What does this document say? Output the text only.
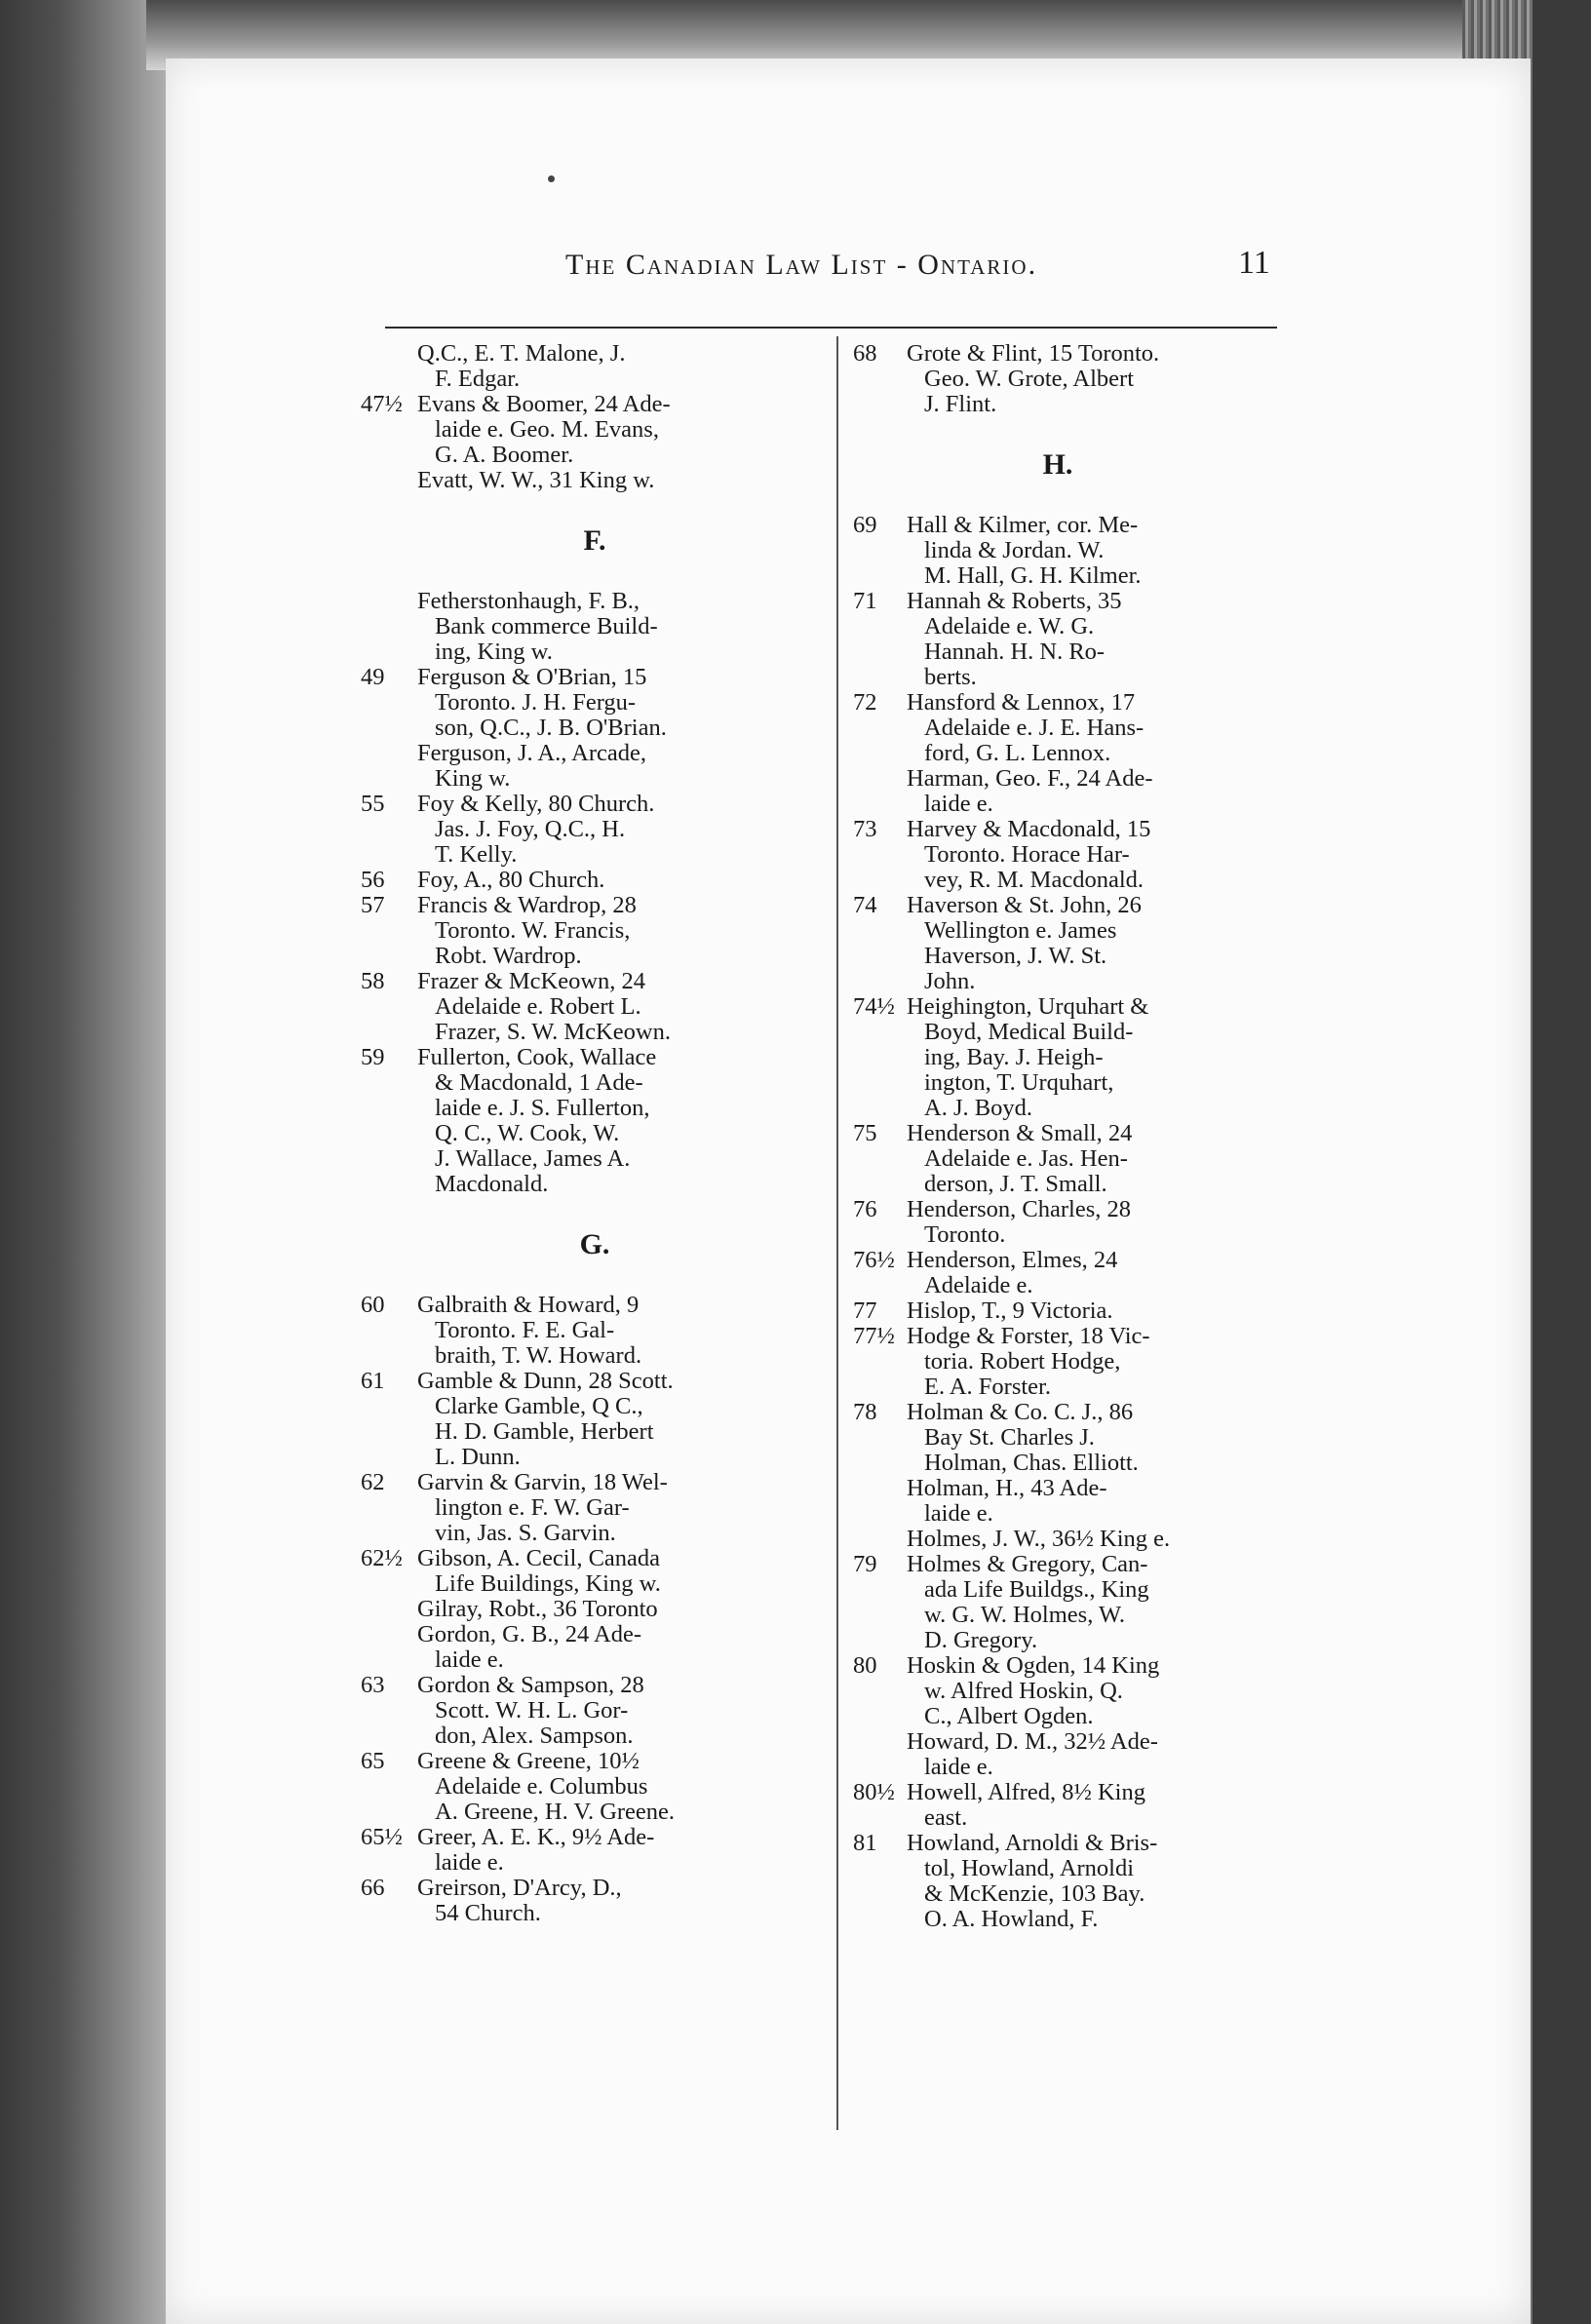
The Canadian Law List - Ontario.	11
Q.C., E. T. Malone, J.
F. Edgar.
47½ Evans & Boomer, 24 Ade-
laide e. Geo. M. Evans,
G. A. Boomer.
Evatt, W. W., 31 King w.
F.
Fetherstonhaugh, F. B.,
Bank commerce Build-
ing, King w.
49 Ferguson & O'Brian, 15
Toronto. J. H. Fergu-
son, Q.C., J. B. O'Brian.
Ferguson, J. A., Arcade,
King w.
55 Foy & Kelly, 80 Church.
Jas. J. Foy, Q.C., H.
T. Kelly.
56 Foy, A., 80 Church.
57 Francis & Wardrop, 28
Toronto. W. Francis,
Robt. Wardrop.
58 Frazer & McKeown, 24
Adelaide e. Robert L.
Frazer, S. W. McKeown.
59 Fullerton, Cook, Wallace
& Macdonald, 1 Ade-
laide e. J. S. Fullerton,
Q. C., W. Cook, W.
J. Wallace, James A.
Macdonald.
G.
60 Galbraith & Howard, 9
Toronto. F. E. Gal-
braith, T. W. Howard.
61 Gamble & Dunn, 28 Scott.
Clarke Gamble, Q C.,
H. D. Gamble, Herbert
L. Dunn.
62 Garvin & Garvin, 18 Wel-
lington e. F. W. Gar-
vin, Jas. S. Garvin.
62½ Gibson, A. Cecil, Canada
Life Buildings, King w.
Gilray, Robt., 36 Toronto
Gordon, G. B., 24 Ade-
laide e.
63 Gordon & Sampson, 28
Scott. W. H. L. Gor-
don, Alex. Sampson.
65 Greene & Greene, 10½
Adelaide e. Columbus
A. Greene, H. V. Greene.
65½ Greer, A. E. K., 9½ Ade-
laide e.
66 Greirson, D'Arcy, D.,
54 Church.
68 Grote & Flint, 15 Toronto.
Geo. W. Grote, Albert
J. Flint.
H.
69 Hall & Kilmer, cor. Me-
linda & Jordan. W.
M. Hall, G. H. Kilmer.
71 Hannah & Roberts, 35
Adelaide e. W. G.
Hannah. H. N. Ro-
berts.
72 Hansford & Lennox, 17
Adelaide e. J. E. Hans-
ford, G. L. Lennox.
Harman, Geo. F., 24 Ade-
laide e.
73 Harvey & Macdonald, 15
Toronto. Horace Har-
vey, R. M. Macdonald.
74 Haverson & St. John, 26
Wellington e. James
Haverson, J. W. St.
John.
74½ Heighington, Urquhart &
Boyd, Medical Build-
ing, Bay. J. Heigh-
ington, T. Urquhart,
A. J. Boyd.
75 Henderson & Small, 24
Adelaide e. Jas. Hen-
derson, J. T. Small.
76 Henderson, Charles, 28
Toronto.
76½ Henderson, Elmes, 24
Adelaide e.
77 Hislop, T., 9 Victoria.
77½ Hodge & Forster, 18 Vic-
toria. Robert Hodge,
E. A. Forster.
78 Holman & Co. C. J., 86
Bay St. Charles J.
Holman, Chas. Elliott.
Holman, H., 43 Ade-
laide e.
Holmes, J. W., 36½ King e.
79 Holmes & Gregory, Can-
ada Life Buildgs., King
w. G. W. Holmes, W.
D. Gregory.
80 Hoskin & Ogden, 14 King
w. Alfred Hoskin, Q.
C., Albert Ogden.
Howard, D. M., 32½ Ade-
laide e.
80½ Howell, Alfred, 8½ King
east.
81 Howland, Arnoldi & Bris-
tol, Howland, Arnoldi
& McKenzie, 103 Bay.
O. A. Howland, F.
